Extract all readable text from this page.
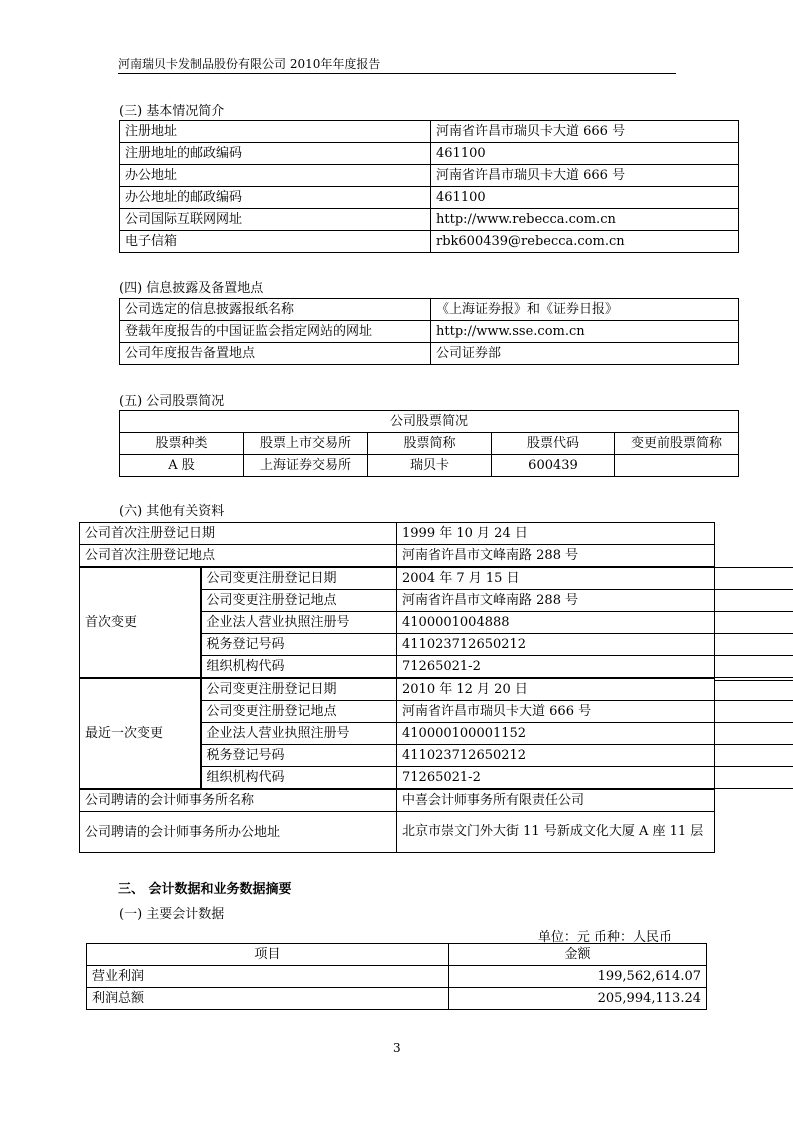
河南瑞贝卡发制品股份有限公司 2010年年度报告
(三) 基本情况简介
注册地址	河南省许昌市瑞贝卡大道 666 号
注册地址的邮政编码	461100
办公地址	河南省许昌市瑞贝卡大道 666 号
办公地址的邮政编码	461100
公司国际互联网网址	http://www.rebecca.com.cn
电子信箱	rbk600439@rebecca.com.cn
(四) 信息披露及备置地点
公司选定的信息披露报纸名称	《上海证券报》和《证券日报》
登载年度报告的中国证监会指定网站的网址	http://www.sse.com.cn
公司年度报告备置地点	公司证券部
(五) 公司股票简况
公司股票简况				
股票种类	股票上市交易所	股票简称	股票代码	变更前股票简称
A 股	上海证券交易所	瑞贝卡	600439	
(六) 其他有关资料
公司首次注册登记日期		1999 年 10 月 24 日
公司首次注册登记地点		河南省许昌市文峰南路 288 号
首次变更	公司变更注册登记日期	2004 年 7 月 15 日
	公司变更注册登记地点	河南省许昌市文峰南路 288 号
	企业法人营业执照注册号	4100001004888
	税务登记号码	411023712650212
	组织机构代码	71265021-2
最近一次变更	公司变更注册登记日期	2010 年 12 月 20 日
	公司变更注册登记地点	河南省许昌市瑞贝卡大道 666 号
	企业法人营业执照注册号	410000100001152
	税务登记号码	411023712650212
	组织机构代码	71265021-2
公司聘请的会计师事务所名称		中喜会计师事务所有限责任公司
公司聘请的会计师事务所办公地址		北京市崇文门外大街 11 号新成文化大厦 A 座 11 层
三、 会计数据和业务数据摘要
(一) 主要会计数据
单位：元 币种：人民币
项目	金额
营业利润	199,562,614.07
利润总额	205,994,113.24
3
